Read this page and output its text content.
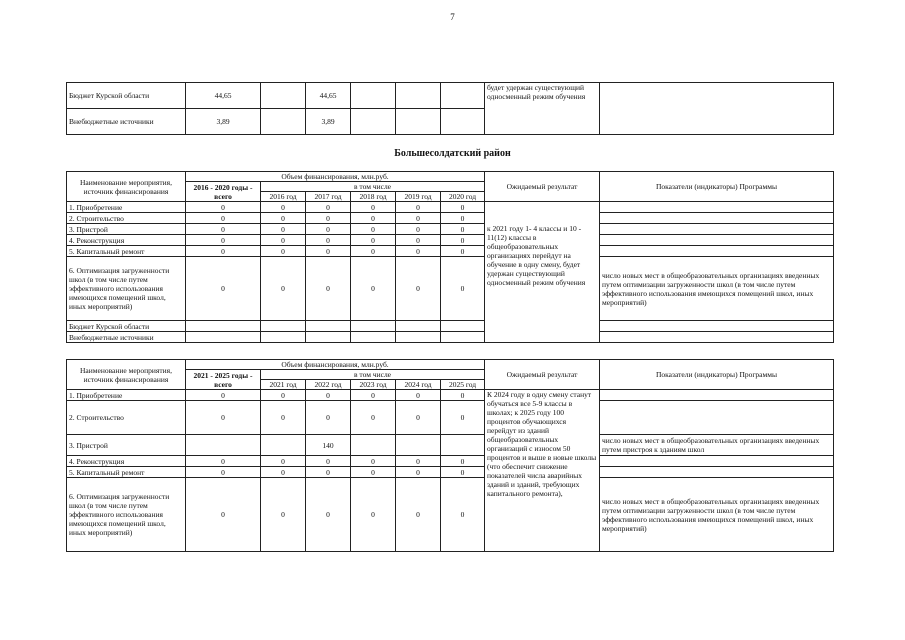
7
Бюджет Курской области	44,65		44,65				будет удержан существующий односменный режим обучения	
Внебюджетные источники	3,89		3,89					
Большесолдатский район
Наименование мероприятия, источник финансирования	Объем финансирования, млн.руб.						Ожидаемый результат	Показатели (индикаторы) Программы
	2016 - 2020 годы - всего	в том числе						
		2016 год	2017 год	2018 год	2019 год	2020 год		
1. Приобретение	0	0	0	0	0	0	к 2021 году 1- 4 классы и 10 - 11(12) классы в общеобразовательных организациях перейдут на обучение в одну смену, будет удержан существующий односменный режим обучения	
2. Строительство	0	0	0	0	0	0		
3. Пристрой	0	0	0	0	0	0		
4. Реконструкция	0	0	0	0	0	0		
5. Капитальный ремонт	0	0	0	0	0	0		
6. Оптимизация загруженности школ (в том числе путем эффективного использования имеющихся помещений школ, иных мероприятий)	0	0	0	0	0	0		число новых мест в общеобразовательных организациях введенных путем оптимизации загруженности школ (в том числе путем эффективного использования имеющихся помещений школ, иных мероприятий)
Бюджет Курской области								
Внебюджетные источники								
Наименование мероприятия, источник финансирования	Объем финансирования, млн.руб.						Ожидаемый результат	Показатели (индикаторы) Программы
	2021 - 2025 годы - всего	в том числе						
		2021 год	2022 год	2023 год	2024 год	2025 год		
1. Приобретение	0	0	0	0	0	0	К 2024 году в одну смену станут обучаться все 5-9 классы в школах; к 2025 году 100 процентов обучающихся перейдут из зданий общеобразовательных организаций с износом 50 процентов и выше в новые школы (что обеспечит снижение показателей числа аварийных зданий и зданий, требующих капитального ремонта),	
2. Строительство	0	0	0	0	0	0		
3. Пристрой			140					число новых мест в общеобразовательных организациях введенных путем пристроя к зданиям школ
4. Реконструкция	0	0	0	0	0	0		
5. Капитальный ремонт	0	0	0	0	0	0		
6. Оптимизация загруженности школ (в том числе путем эффективного использования имеющихся помещений школ, иных мероприятий)	0	0	0	0	0	0		число новых мест в общеобразовательных организациях введенных путем оптимизации загруженности школ (в том числе путем эффективного использования имеющихся помещений школ, иных мероприятий)
